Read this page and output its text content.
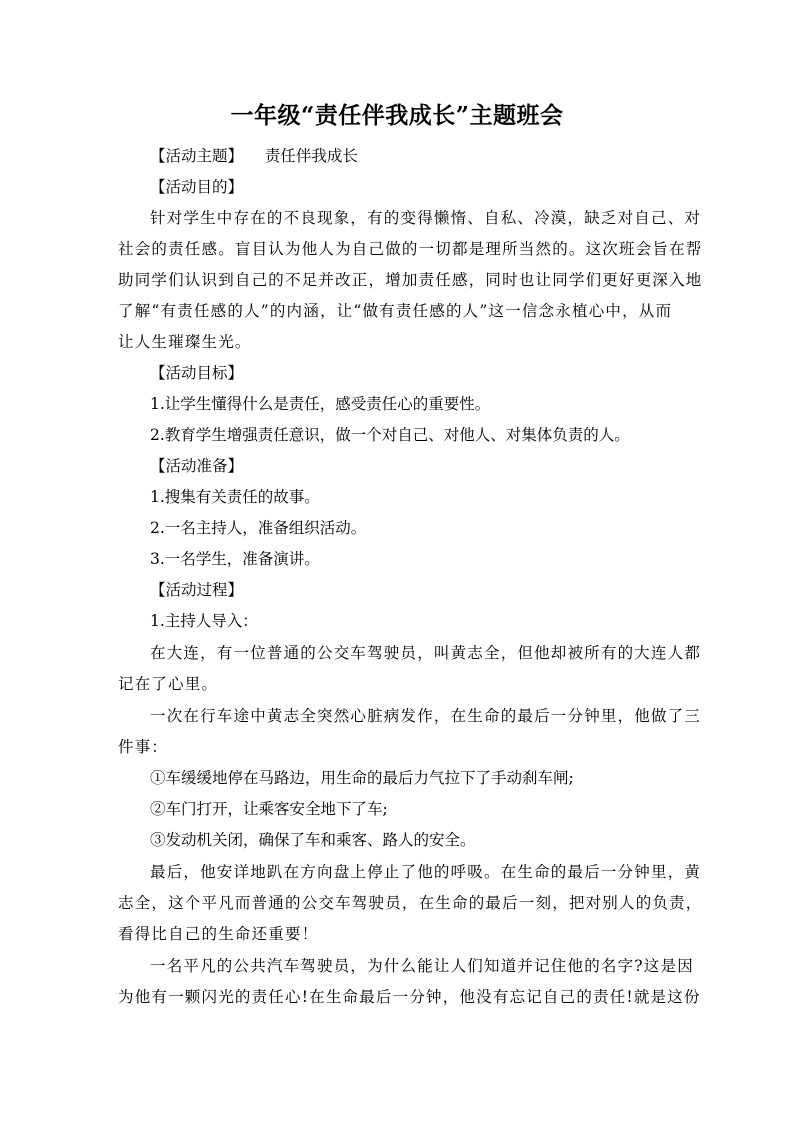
一年级“责任伴我成长”主题班会
【活动主题】 责任伴我成长

【活动目的】

针对学生中存在的不良现象，有的变得懒惰、自私、冷漠，缺乏对自己、对

社会的责任感。盲目认为他人为自己做的一切都是理所当然的。这次班会旨在帮

助同学们认识到自己的不足并改正，增加责任感，同时也让同学们更好更深入地

了解“有责任感的人”的内涵，让“做有责任感的人”这一信念永植心中，从而

让人生璀璨生光。

【活动目标】

1.让学生懂得什么是责任，感受责任心的重要性。

2.教育学生增强责任意识，做一个对自己、对他人、对集体负责的人。

【活动准备】

1.搜集有关责任的故事。

2.一名主持人，准备组织活动。

3.一名学生，准备演讲。

【活动过程】

1.主持人导入：

在大连，有一位普通的公交车驾驶员，叫黄志全，但他却被所有的大连人都

记在了心里。

一次在行车途中黄志全突然心脏病发作，在生命的最后一分钟里，他做了三

件事：

①车缓缓地停在马路边，用生命的最后力气拉下了手动刹车闸;

②车门打开，让乘客安全地下了车;

③发动机关闭，确保了车和乘客、路人的安全。

最后，他安详地趴在方向盘上停止了他的呼吸。在生命的最后一分钟里，黄

志全，这个平凡而普通的公交车驾驶员，在生命的最后一刻，把对别人的负责，

看得比自己的生命还重要！

一名平凡的公共汽车驾驶员，为什么能让人们知道并记住他的名字?这是因

为他有一颗闪光的责任心!在生命最后一分钟，他没有忘记自己的责任!就是这份
